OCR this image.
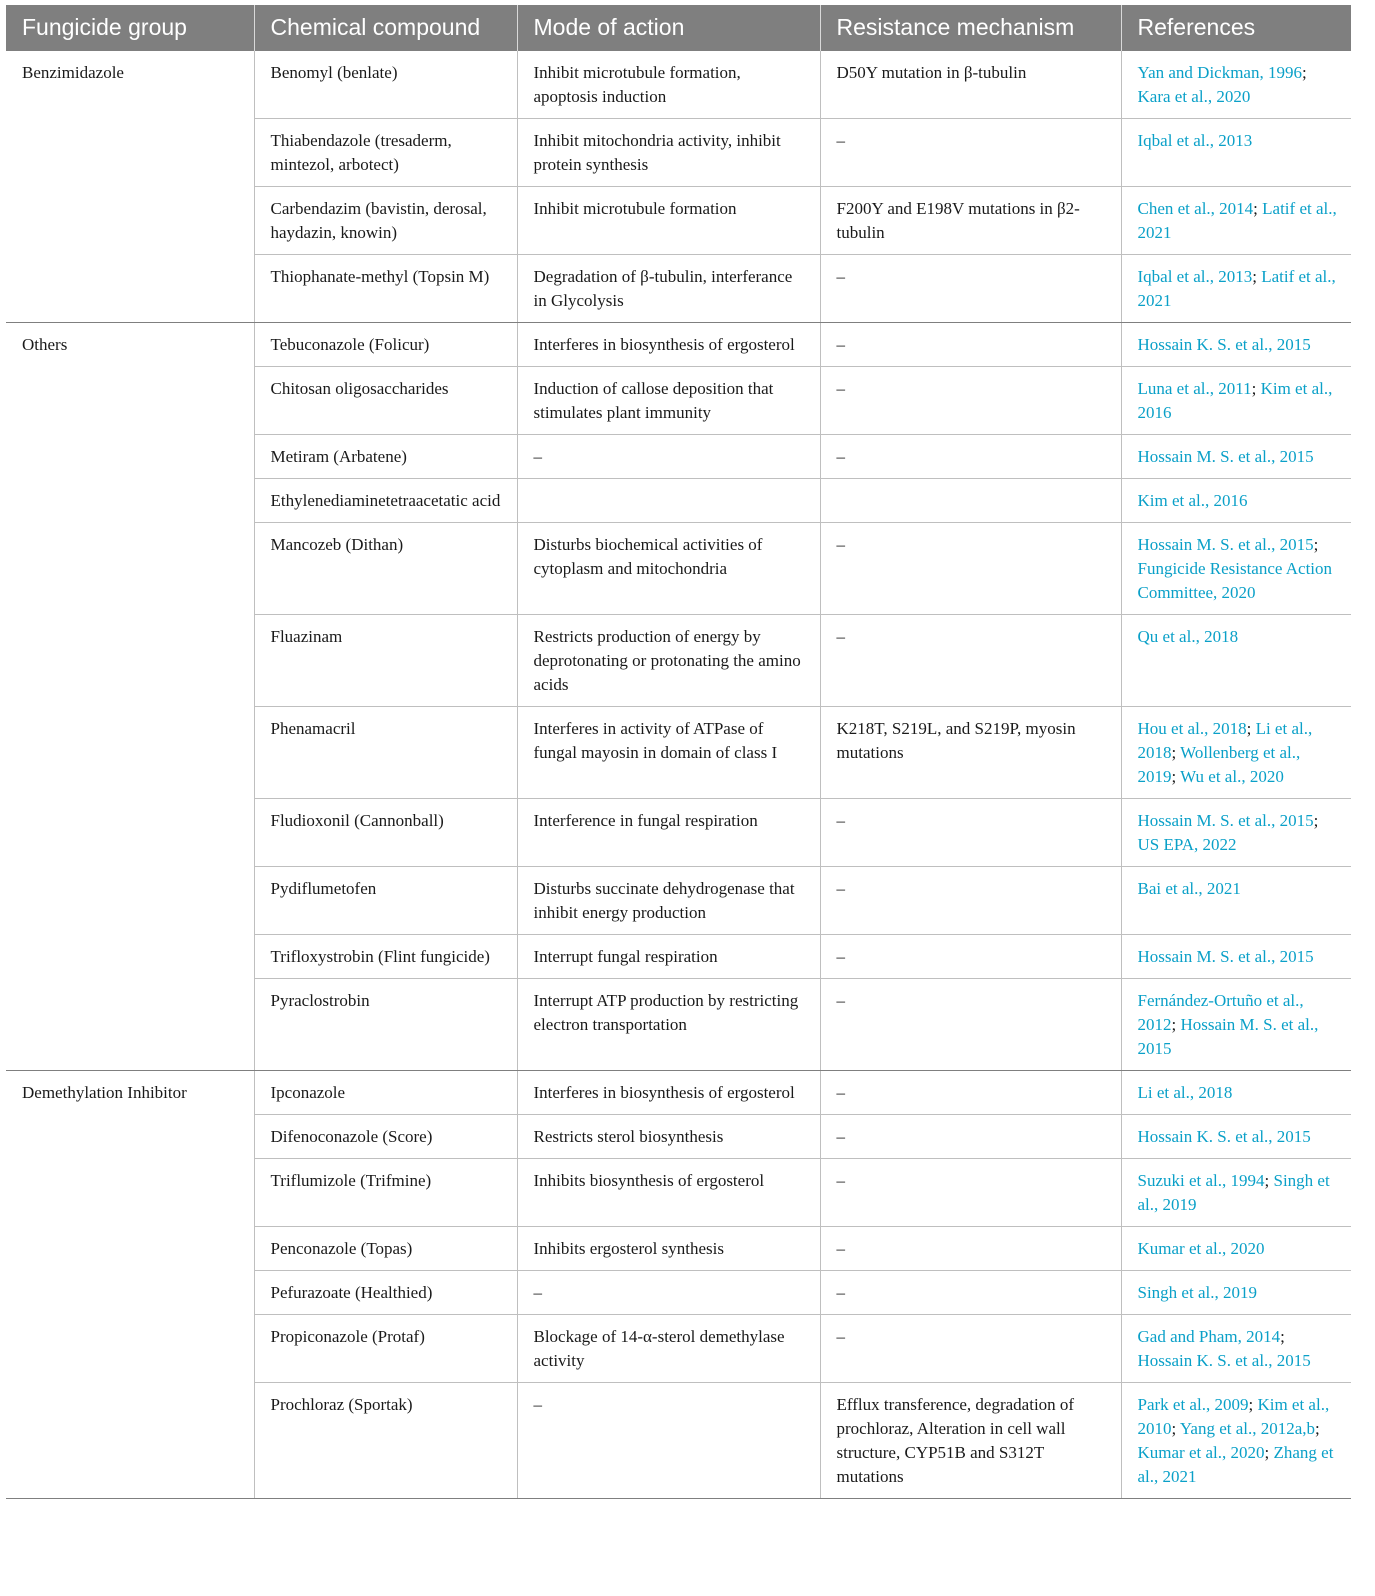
Fungicide group	Chemical compound	Mode of action	Resistance mechanism	References
Benzimidazole	Benomyl (benlate)	Inhibit microtubule formation, apoptosis induction	D50Y mutation in β-tubulin	Yan and Dickman, 1996; Kara et al., 2020
	Thiabendazole (tresaderm, mintezol, arbotect)	Inhibit mitochondria activity, inhibit protein synthesis	–	Iqbal et al., 2013
	Carbendazim (bavistin, derosal, haydazin, knowin)	Inhibit microtubule formation	F200Y and E198V mutations in β2-tubulin	Chen et al., 2014; Latif et al., 2021
	Thiophanate-methyl (Topsin M)	Degradation of β-tubulin, interferance in Glycolysis	–	Iqbal et al., 2013; Latif et al., 2021
Others	Tebuconazole (Folicur)	Interferes in biosynthesis of ergosterol	–	Hossain K. S. et al., 2015
	Chitosan oligosaccharides	Induction of callose deposition that stimulates plant immunity	–	Luna et al., 2011; Kim et al., 2016
	Metiram (Arbatene)	–	–	Hossain M. S. et al., 2015
	Ethylenediaminetetraacetatic acid			Kim et al., 2016
	Mancozeb (Dithan)	Disturbs biochemical activities of cytoplasm and mitochondria	–	Hossain M. S. et al., 2015; Fungicide Resistance Action Committee, 2020
	Fluazinam	Restricts production of energy by deprotonating or protonating the amino acids	–	Qu et al., 2018
	Phenamacril	Interferes in activity of ATPase of fungal mayosin in domain of class I	K218T, S219L, and S219P, myosin mutations	Hou et al., 2018; Li et al., 2018; Wollenberg et al., 2019; Wu et al., 2020
	Fludioxonil (Cannonball)	Interference in fungal respiration	–	Hossain M. S. et al., 2015; US EPA, 2022
	Pydiflumetofen	Disturbs succinate dehydrogenase that inhibit energy production	–	Bai et al., 2021
	Trifloxystrobin (Flint fungicide)	Interrupt fungal respiration	–	Hossain M. S. et al., 2015
	Pyraclostrobin	Interrupt ATP production by restricting electron transportation	–	Fernández-Ortuño et al., 2012; Hossain M. S. et al., 2015
Demethylation Inhibitor	Ipconazole	Interferes in biosynthesis of ergosterol	–	Li et al., 2018
	Difenoconazole (Score)	Restricts sterol biosynthesis	–	Hossain K. S. et al., 2015
	Triflumizole (Trifmine)	Inhibits biosynthesis of ergosterol	–	Suzuki et al., 1994; Singh et al., 2019
	Penconazole (Topas)	Inhibits ergosterol synthesis	–	Kumar et al., 2020
	Pefurazoate (Healthied)	–	–	Singh et al., 2019
	Propiconazole (Protaf)	Blockage of 14-α-sterol demethylase activity	–	Gad and Pham, 2014; Hossain K. S. et al., 2015
	Prochloraz (Sportak)	–	Efflux transference, degradation of prochloraz, Alteration in cell wall structure, CYP51B and S312T mutations	Park et al., 2009; Kim et al., 2010; Yang et al., 2012a,b; Kumar et al., 2020; Zhang et al., 2021
